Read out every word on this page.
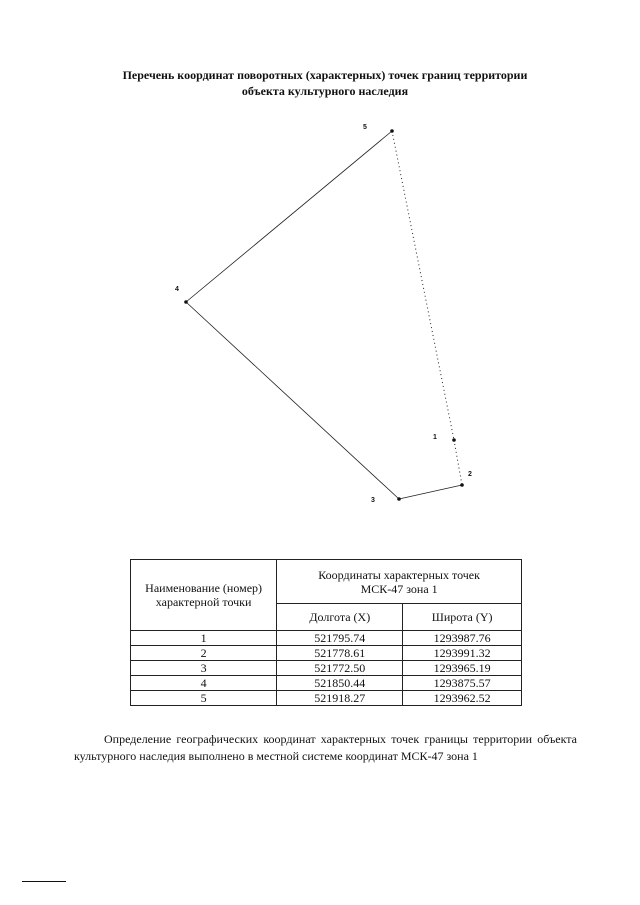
Перечень координат поворотных (характерных) точек границ территории
объекта культурного наследия
1
2
3
4
5
Наименование (номер) характерной точки	Координаты характерных точек
МСК-47 зона 1	

	Долгота (X)	Широта (Y)
1	521795.74	1293987.76
2	521778.61	1293991.32
3	521772.50	1293965.19
4	521850.44	1293875.57
5	521918.27	1293962.52
Определение географических координат характерных точек границы территории объекта культурного наследия выполнено в местной системе координат МСК-47 зона 1
